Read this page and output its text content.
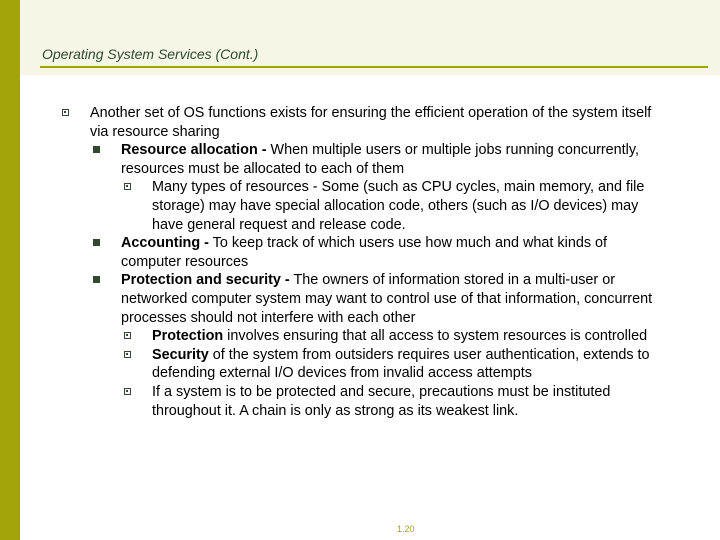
Operating System Services (Cont.)
Another set of OS functions exists for ensuring the efficient operation of the system itself via resource sharing
Resource allocation - When multiple users or multiple jobs running concurrently, resources must be allocated to each of them
Many types of resources - Some (such as CPU cycles, main memory, and file storage) may have special allocation code, others (such as I/O devices) may have general request and release code.
Accounting - To keep track of which users use how much and what kinds of computer resources
Protection and security - The owners of information stored in a multi-user or networked computer system may want to control use of that information, concurrent processes should not interfere with each other
Protection involves ensuring that all access to system resources is controlled
Security of the system from outsiders requires user authentication, extends to defending external I/O devices from invalid access attempts
If a system is to be protected and secure, precautions must be instituted throughout it. A chain is only as strong as its weakest link.
1.20
